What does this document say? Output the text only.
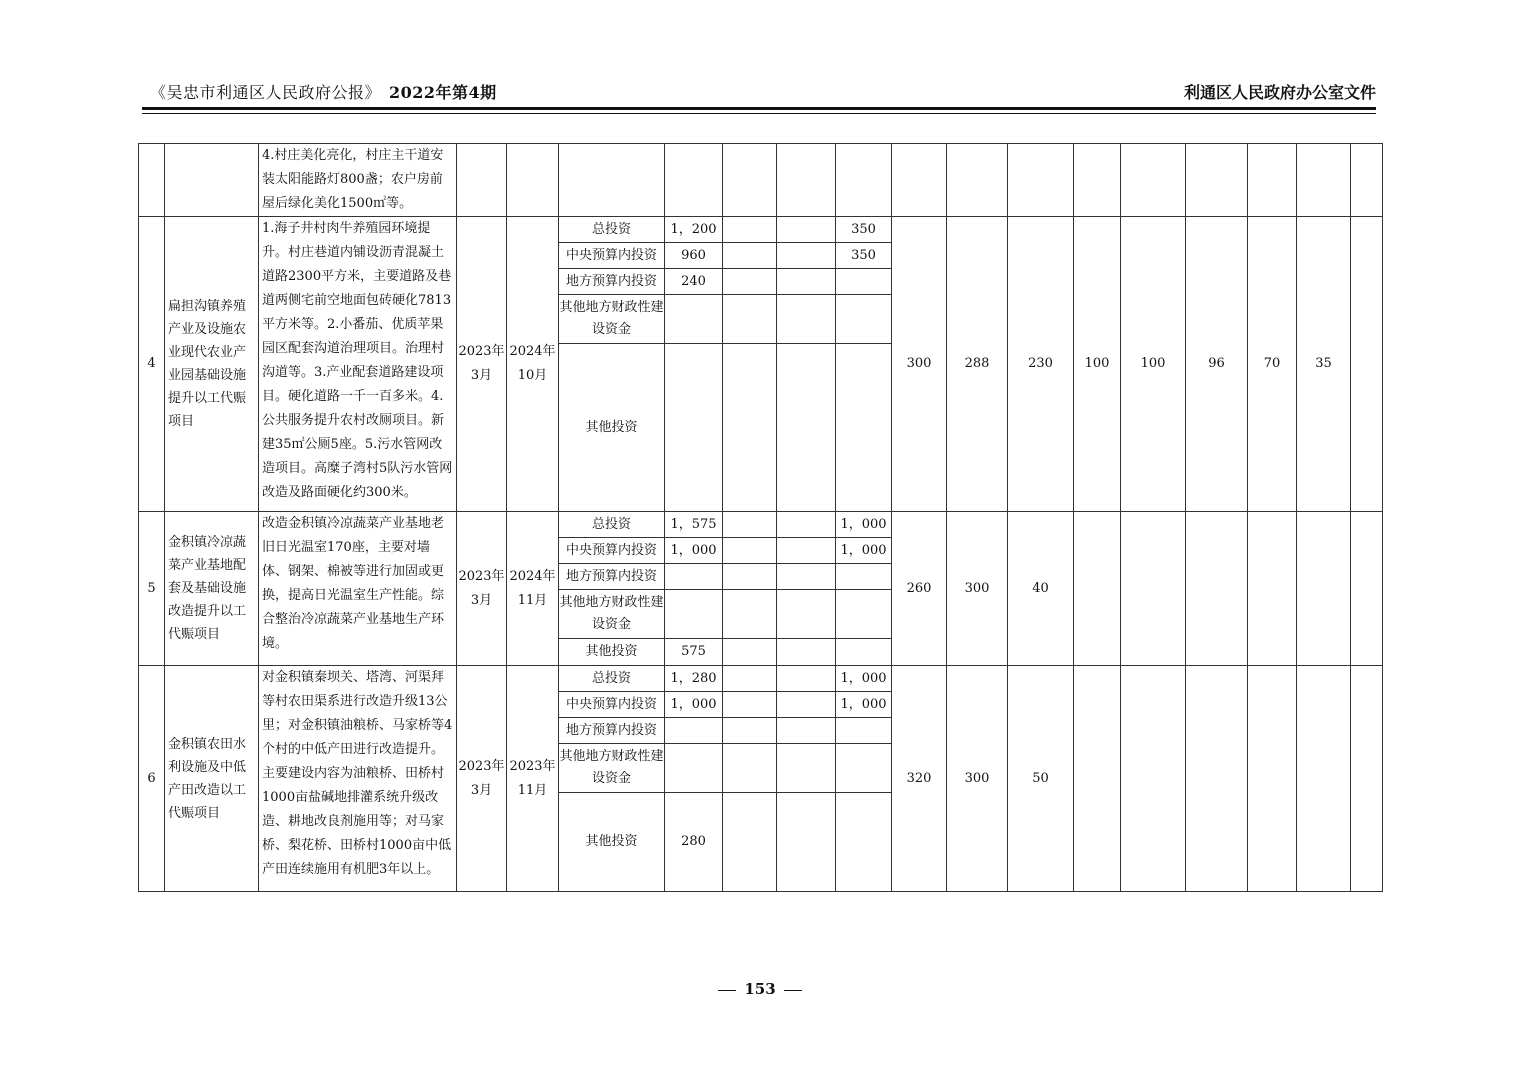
《吴忠市利通区人民政府公报》 2022年第4期	利通区人民政府办公室文件
		4.村庄美化亮化，村庄主干道安装太阳能路灯800盏；农户房前屋后绿化美化1500㎡等。																
4	扁担沟镇养殖产业及设施农业现代农业产业园基础设施提升以工代赈项目	1.海子井村肉牛养殖园环境提升。村庄巷道内铺设沥青混凝土道路2300平方米，主要道路及巷道两侧宅前空地面包砖硬化7813平方米等。2.小番茄、优质苹果园区配套沟道治理项目。治理村沟道等。3.产业配套道路建设项目。硬化道路一千一百多米。4.公共服务提升农村改厕项目。新建35㎡公厕5座。5.污水管网改造项目。高糜子湾村5队污水管网改造及路面硬化约300米。	2023年3月	2024年10月	总投资	1，200			350	300	288	230	100	100	96	70	35	
					中央预算内投资	960			350									
					地方预算内投资	240												
					其他地方财政性建设资金													
					其他投资													
5	金积镇冷凉蔬菜产业基地配套及基础设施改造提升以工代赈项目	改造金积镇冷凉蔬菜产业基地老旧日光温室170座，主要对墙体、钢架、棉被等进行加固或更换，提高日光温室生产性能。综合整治冷凉蔬菜产业基地生产环境。	2023年3月	2024年11月	总投资	1，575			1，000	260	300	40						
					中央预算内投资	1，000			1，000									
					地方预算内投资													
					其他地方财政性建设资金													
					其他投资	575												
6	金积镇农田水利设施及中低产田改造以工代赈项目	对金积镇秦坝关、塔湾、河渠拜等村农田渠系进行改造升级13公里；对金积镇油粮桥、马家桥等4个村的中低产田进行改造提升。主要建设内容为油粮桥、田桥村1000亩盐碱地排灌系统升级改造、耕地改良剂施用等；对马家桥、梨花桥、田桥村1000亩中低产田连续施用有机肥3年以上。	2023年3月	2023年11月	总投资	1，280			1，000	320	300	50						
					中央预算内投资	1，000			1，000									
					地方预算内投资													
					其他地方财政性建设资金													
					其他投资	280												
153
